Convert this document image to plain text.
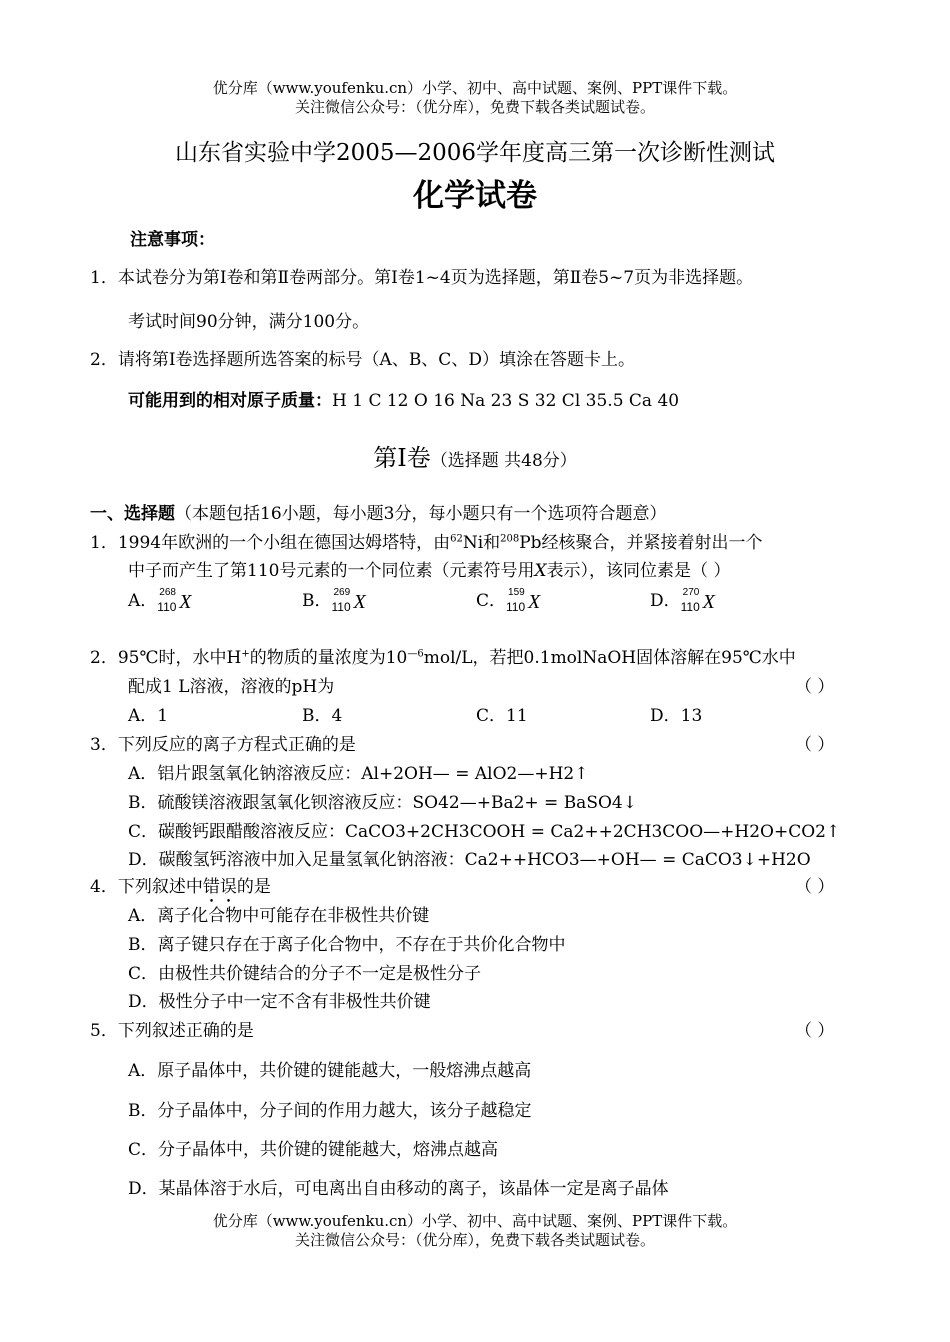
优分库（www.youfenku.cn）小学、初中、高中试题、案例、PPT课件下载。
关注微信公众号：（优分库），免费下载各类试题试卷。
山东省实验中学2005—2006学年度高三第一次诊断性测试
化学试卷
注意事项：
1．本试卷分为第Ⅰ卷和第Ⅱ卷两部分。第Ⅰ卷1~4页为选择题，第Ⅱ卷5~7页为非选择题。
考试时间90分钟，满分100分。
2．请将第Ⅰ卷选择题所选答案的标号（A、B、C、D）填涂在答题卡上。
可能用到的相对原子质量：H 1 C 12 O 16 Na 23 S 32 Cl 35.5 Ca 40
第Ⅰ卷（选择题 共48分）
一、选择题（本题包括16小题，每小题3分，每小题只有一个选项符合题意）
1．1994年欧洲的一个小组在德国达姆塔特，由$^{62}$Ni和$^{208}$Pb经核聚合，并紧接着射出一个
中子而产生了第110号元素的一个同位素（元素符号用X表示），该同位素是（ ）
A． 268
110 X	B． 269
110 X	C． 159
110 X	D． 270
110 X
2．95℃时，水中H+的物质的量浓度为$10^{—6}mol/L$，若把0.1molNaOH固体溶解在95℃水中
配成1 L溶液，溶液的pH为	（ ）
A．1	B．4	C．11	D．13
3．下列反应的离子方程式正确的是	（ ）
A．铝片跟氢氧化钠溶液反应：Al+2OH— = AlO2—+H2↑
B．硫酸镁溶液跟氢氧化钡溶液反应：SO42—+Ba2+ = BaSO4↓
C．碳酸钙跟醋酸溶液反应：CaCO3+2CH3COOH = Ca2++2CH3COO—+H2O+CO2↑
D．碳酸氢钙溶液中加入足量氢氧化钠溶液：Ca2++HCO3—+OH— = CaCO3↓+H2O
4．下列叙述中错误的是	（ ）
A．离子化合物中可能存在非极性共价键
B．离子键只存在于离子化合物中，不存在于共价化合物中
C．由极性共价键结合的分子不一定是极性分子
D．极性分子中一定不含有非极性共价键
5．下列叙述正确的是	（ ）
A．原子晶体中，共价键的键能越大，一般熔沸点越高
B．分子晶体中，分子间的作用力越大，该分子越稳定
C．分子晶体中，共价键的键能越大，熔沸点越高
D．某晶体溶于水后，可电离出自由移动的离子，该晶体一定是离子晶体
优分库（www.youfenku.cn）小学、初中、高中试题、案例、PPT课件下载。
关注微信公众号：（优分库），免费下载各类试题试卷。
